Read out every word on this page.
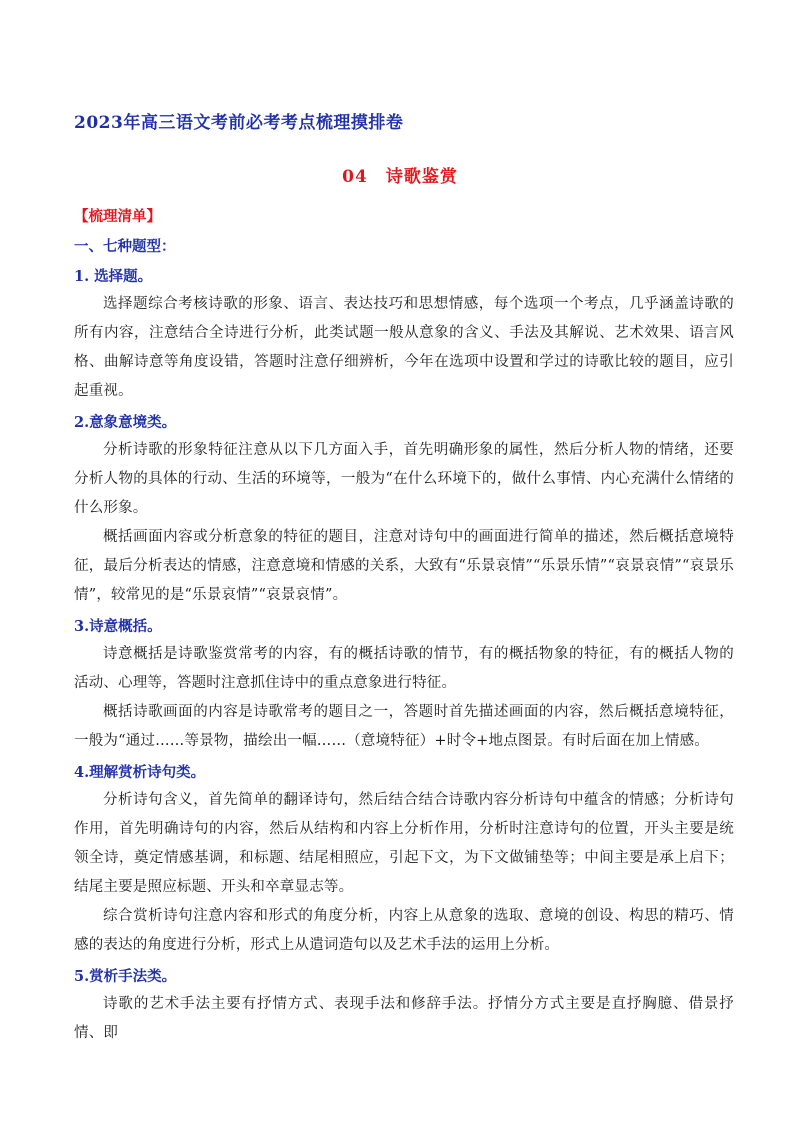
2023年高三语文考前必考考点梳理摸排卷
04　诗歌鉴赏

【梳理清单】

一、七种题型：

1. 选择题。

选择题综合考核诗歌的形象、语言、表达技巧和思想情感，每个选项一个考点，几乎涵盖诗歌的所有内容，注意结合全诗进行分析，此类试题一般从意象的含义、手法及其解说、艺术效果、语言风格、曲解诗意等角度设错，答题时注意仔细辨析，今年在选项中设置和学过的诗歌比较的题目，应引起重视。

2.意象意境类。

分析诗歌的形象特征注意从以下几方面入手，首先明确形象的属性，然后分析人物的情绪，还要分析人物的具体的行动、生活的环境等，一般为“在什么环境下的，做什么事情、内心充满什么情绪的什么形象。

概括画面内容或分析意象的特征的题目，注意对诗句中的画面进行简单的描述，然后概括意境特征，最后分析表达的情感，注意意境和情感的关系，大致有“乐景哀情”“乐景乐情”“哀景哀情”“哀景乐情”，较常见的是“乐景哀情”“哀景哀情”。

3.诗意概括。

诗意概括是诗歌鉴赏常考的内容，有的概括诗歌的情节，有的概括物象的特征，有的概括人物的活动、心理等，答题时注意抓住诗中的重点意象进行特征。

概括诗歌画面的内容是诗歌常考的题目之一，答题时首先描述画面的内容，然后概括意境特征，一般为“通过……等景物，描绘出一幅……（意境特征）+时令+地点图景。有时后面在加上情感。

4.理解赏析诗句类。

分析诗句含义，首先简单的翻译诗句，然后结合结合诗歌内容分析诗句中蕴含的情感；分析诗句作用，首先明确诗句的内容，然后从结构和内容上分析作用，分析时注意诗句的位置，开头主要是统领全诗，奠定情感基调，和标题、结尾相照应，引起下文，为下文做铺垫等；中间主要是承上启下；结尾主要是照应标题、开头和卒章显志等。

综合赏析诗句注意内容和形式的角度分析，内容上从意象的选取、意境的创设、构思的精巧、情感的表达的角度进行分析，形式上从遣词造句以及艺术手法的运用上分析。

5.赏析手法类。

诗歌的艺术手法主要有抒情方式、表现手法和修辞手法。抒情分方式主要是直抒胸臆、借景抒情、即
